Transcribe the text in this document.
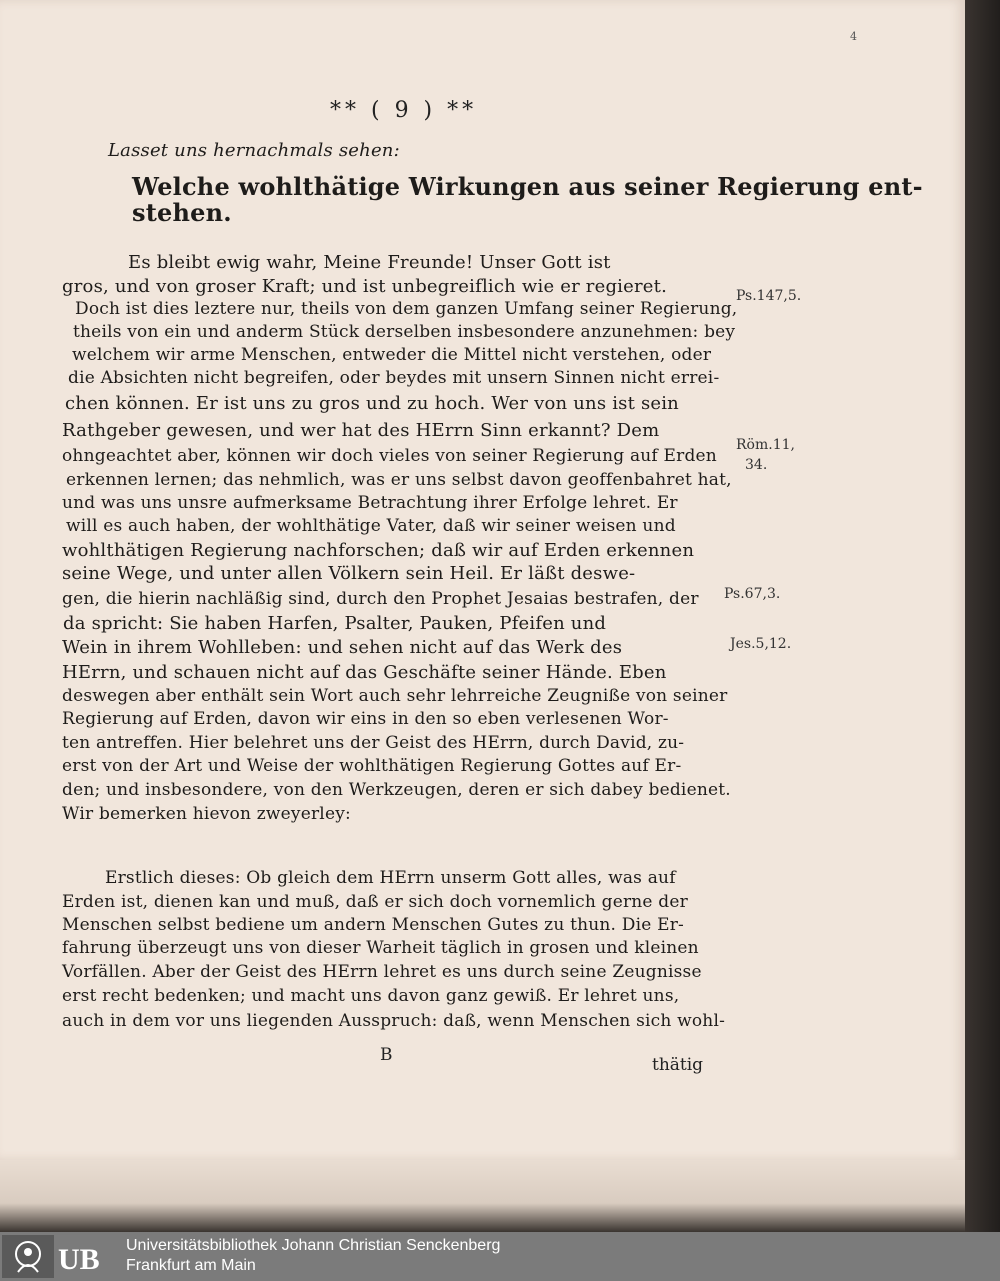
4
** ( 9 ) **
Lasset uns hernachmals sehen:
Welche wohlthätige Wirkungen aus seiner Regierung ent-
stehen.
Ps.147,5.
Röm.11,
34.
Ps.67,3.
Jes.5,12.
B	thätig
Es bleibt ewig wahr, Meine Freunde! Unser Gott ist
gros, und von groser Kraft; und ist unbegreiflich wie er regieret.
Doch ist dies leztere nur, theils von dem ganzen Umfang seiner Regierung,
theils von ein und anderm Stück derselben insbesondere anzunehmen: bey
welchem wir arme Menschen, entweder die Mittel nicht verstehen, oder
die Absichten nicht begreifen, oder beydes mit unsern Sinnen nicht errei-
chen können. Er ist uns zu gros und zu hoch. Wer von uns ist sein
Rathgeber gewesen, und wer hat des HErrn Sinn erkannt? Dem
ohngeachtet aber, können wir doch vieles von seiner Regierung auf Erden
erkennen lernen; das nehmlich, was er uns selbst davon geoffenbahret hat,
und was uns unsre aufmerksame Betrachtung ihrer Erfolge lehret. Er
will es auch haben, der wohlthätige Vater, daß wir seiner weisen und
wohlthätigen Regierung nachforschen; daß wir auf Erden erkennen
seine Wege, und unter allen Völkern sein Heil. Er läßt deswe-
gen, die hierin nachläßig sind, durch den Prophet Jesaias bestrafen, der
da spricht: Sie haben Harfen, Psalter, Pauken, Pfeifen und
Wein in ihrem Wohlleben: und sehen nicht auf das Werk des
HErrn, und schauen nicht auf das Geschäfte seiner Hände. Eben
deswegen aber enthält sein Wort auch sehr lehrreiche Zeugniße von seiner
Regierung auf Erden, davon wir eins in den so eben verlesenen Wor-
ten antreffen. Hier belehret uns der Geist des HErrn, durch David, zu-
erst von der Art und Weise der wohlthätigen Regierung Gottes auf Er-
den; und insbesondere, von den Werkzeugen, deren er sich dabey bedienet.
Wir bemerken hievon zweyerley:
Erstlich dieses: Ob gleich dem HErrn unserm Gott alles, was auf
Erden ist, dienen kan und muß, daß er sich doch vornemlich gerne der
Menschen selbst bediene um andern Menschen Gutes zu thun. Die Er-
fahrung überzeugt uns von dieser Warheit täglich in grosen und kleinen
Vorfällen. Aber der Geist des HErrn lehret es uns durch seine Zeugnisse
erst recht bedenken; und macht uns davon ganz gewiß. Er lehret uns,
auch in dem vor uns liegenden Ausspruch: daß, wenn Menschen sich wohl-
UB Universitätsbibliothek Johann Christian Senckenberg
Frankfurt am Main
